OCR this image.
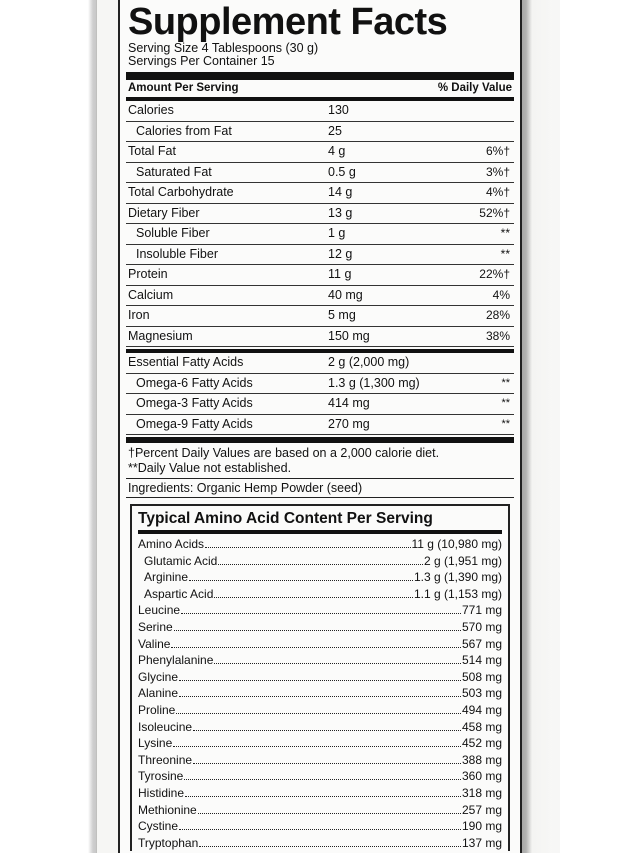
Supplement Facts
Serving Size 4 Tablespoons (30 g)
Servings Per Container 15
Amount Per Serving	% Daily Value
Calories	130
Calories from Fat	25
Total Fat	4 g	6%†
Saturated Fat	0.5 g	3%†
Total Carbohydrate	14 g	4%†
Dietary Fiber	13 g	52%†
Soluble Fiber	1 g	**
Insoluble Fiber	12 g	**
Protein	11 g	22%†
Calcium	40 mg	4%
Iron	5 mg	28%
Magnesium	150 mg	38%
Essential Fatty Acids	2 g (2,000 mg)
Omega-6 Fatty Acids	1.3 g (1,300 mg)	**
Omega-3 Fatty Acids	414 mg	**
Omega-9 Fatty Acids	270 mg	**
†Percent Daily Values are based on a 2,000 calorie diet.
**Daily Value not established.
Ingredients: Organic Hemp Powder (seed)
Typical Amino Acid Content Per Serving
Amino Acids	11 g (10,980 mg)
Glutamic Acid	2 g (1,951 mg)
Arginine	1.3 g (1,390 mg)
Aspartic Acid	1.1 g (1,153 mg)
Leucine	771 mg
Serine	570 mg
Valine	567 mg
Phenylalanine	514 mg
Glycine	508 mg
Alanine	503 mg
Proline	494 mg
Isoleucine	458 mg
Lysine	452 mg
Threonine	388 mg
Tyrosine	360 mg
Histidine	318 mg
Methionine	257 mg
Cystine	190 mg
Tryptophan	137 mg
